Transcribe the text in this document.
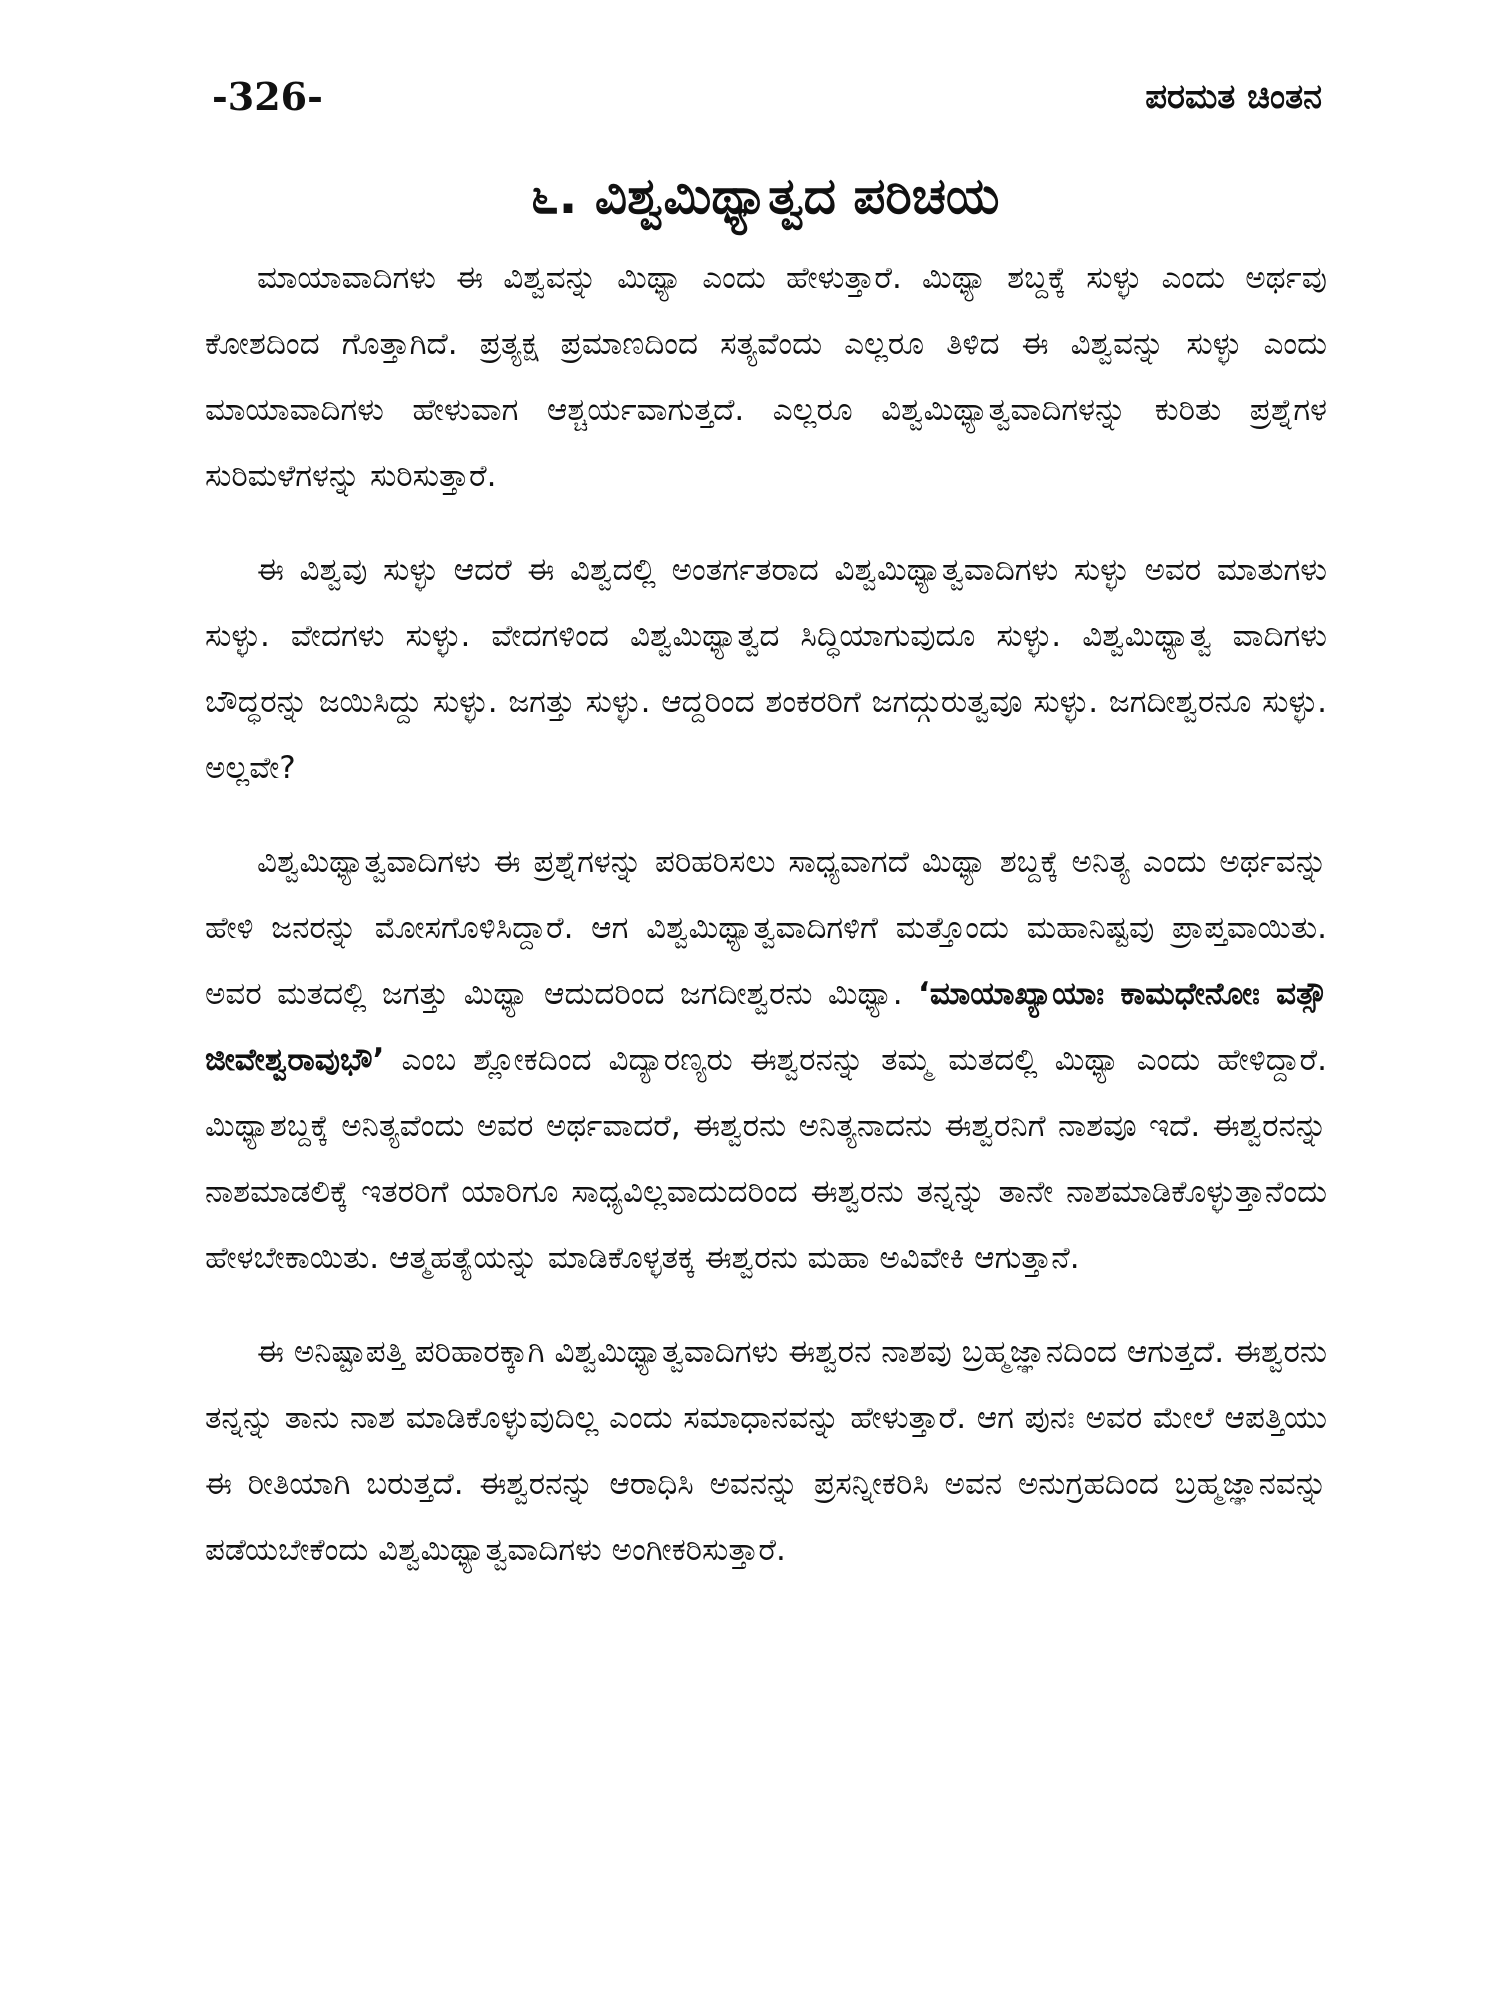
-326-	ಪರಮತ ಚಿಂತನ
೬. ವಿಶ್ವಮಿಥ್ಯಾತ್ವದ ಪರಿಚಯ

ಮಾಯಾವಾದಿಗಳು ಈ ವಿಶ್ವವನ್ನು ಮಿಥ್ಯಾ ಎಂದು ಹೇಳುತ್ತಾರೆ. ಮಿಥ್ಯಾ ಶಬ್ದಕ್ಕೆ ಸುಳ್ಳು ಎಂದು ಅರ್ಥವು ಕೋಶದಿಂದ ಗೊತ್ತಾಗಿದೆ. ಪ್ರತ್ಯಕ್ಷ ಪ್ರಮಾಣದಿಂದ ಸತ್ಯವೆಂದು ಎಲ್ಲರೂ ತಿಳಿದ ಈ ವಿಶ್ವವನ್ನು ಸುಳ್ಳು ಎಂದು ಮಾಯಾವಾದಿಗಳು ಹೇಳುವಾಗ ಆಶ್ಚರ್ಯವಾಗುತ್ತದೆ. ಎಲ್ಲರೂ ವಿಶ್ವಮಿಥ್ಯಾತ್ವವಾದಿಗಳನ್ನು ಕುರಿತು ಪ್ರಶ್ನೆಗಳ ಸುರಿಮಳೆಗಳನ್ನು ಸುರಿಸುತ್ತಾರೆ.

ಈ ವಿಶ್ವವು ಸುಳ್ಳು ಆದರೆ ಈ ವಿಶ್ವದಲ್ಲಿ ಅಂತರ್ಗತರಾದ ವಿಶ್ವಮಿಥ್ಯಾತ್ವವಾದಿಗಳು ಸುಳ್ಳು ಅವರ ಮಾತುಗಳು ಸುಳ್ಳು. ವೇದಗಳು ಸುಳ್ಳು. ವೇದಗಳಿಂದ ವಿಶ್ವಮಿಥ್ಯಾತ್ವದ ಸಿದ್ಧಿಯಾಗುವುದೂ ಸುಳ್ಳು. ವಿಶ್ವಮಿಥ್ಯಾತ್ವ ವಾದಿಗಳು ಬೌದ್ಧರನ್ನು ಜಯಿಸಿದ್ದು ಸುಳ್ಳು. ಜಗತ್ತು ಸುಳ್ಳು. ಆದ್ದರಿಂದ ಶಂಕರರಿಗೆ ಜಗದ್ಗುರುತ್ವವೂ ಸುಳ್ಳು. ಜಗದೀಶ್ವರನೂ ಸುಳ್ಳು. ಅಲ್ಲವೇ?

ವಿಶ್ವಮಿಥ್ಯಾತ್ವವಾದಿಗಳು ಈ ಪ್ರಶ್ನೆಗಳನ್ನು ಪರಿಹರಿಸಲು ಸಾಧ್ಯವಾಗದೆ ಮಿಥ್ಯಾ ಶಬ್ದಕ್ಕೆ ಅನಿತ್ಯ ಎಂದು ಅರ್ಥವನ್ನು ಹೇಳಿ ಜನರನ್ನು ಮೋಸಗೊಳಿಸಿದ್ದಾರೆ. ಆಗ ವಿಶ್ವಮಿಥ್ಯಾತ್ವವಾದಿಗಳಿಗೆ ಮತ್ತೊಂದು ಮಹಾನಿಷ್ಟವು ಪ್ರಾಪ್ತವಾಯಿತು. ಅವರ ಮತದಲ್ಲಿ ಜಗತ್ತು ಮಿಥ್ಯಾ ಆದುದರಿಂದ ಜಗದೀಶ್ವರನು ಮಿಥ್ಯಾ. ‘ಮಾಯಾಖ್ಯಾಯಾಃ ಕಾಮಧೇನೋಃ ವತ್ಸೌ ಜೀವೇಶ್ವರಾವುಭೌ’ ಎಂಬ ಶ್ಲೋಕದಿಂದ ವಿದ್ಯಾರಣ್ಯರು ಈಶ್ವರನನ್ನು ತಮ್ಮ ಮತದಲ್ಲಿ ಮಿಥ್ಯಾ ಎಂದು ಹೇಳಿದ್ದಾರೆ. ಮಿಥ್ಯಾಶಬ್ದಕ್ಕೆ ಅನಿತ್ಯವೆಂದು ಅವರ ಅರ್ಥವಾದರೆ, ಈಶ್ವರನು ಅನಿತ್ಯನಾದನು ಈಶ್ವರನಿಗೆ ನಾಶವೂ ಇದೆ. ಈಶ್ವರನನ್ನು ನಾಶಮಾಡಲಿಕ್ಕೆ ಇತರರಿಗೆ ಯಾರಿಗೂ ಸಾಧ್ಯವಿಲ್ಲವಾದುದರಿಂದ ಈಶ್ವರನು ತನ್ನನ್ನು ತಾನೇ ನಾಶಮಾಡಿಕೊಳ್ಳುತ್ತಾನೆಂದು ಹೇಳಬೇಕಾಯಿತು. ಆತ್ಮಹತ್ಯೆಯನ್ನು ಮಾಡಿಕೊಳ್ಳತಕ್ಕ ಈಶ್ವರನು ಮಹಾ ಅವಿವೇಕಿ ಆಗುತ್ತಾನೆ.

ಈ ಅನಿಷ್ಟಾಪತ್ತಿ ಪರಿಹಾರಕ್ಕಾಗಿ ವಿಶ್ವಮಿಥ್ಯಾತ್ವವಾದಿಗಳು ಈಶ್ವರನ ನಾಶವು ಬ್ರಹ್ಮಜ್ಞಾನದಿಂದ ಆಗುತ್ತದೆ. ಈಶ್ವರನು ತನ್ನನ್ನು ತಾನು ನಾಶ ಮಾಡಿಕೊಳ್ಳುವುದಿಲ್ಲ ಎಂದು ಸಮಾಧಾನವನ್ನು ಹೇಳುತ್ತಾರೆ. ಆಗ ಪುನಃ ಅವರ ಮೇಲೆ ಆಪತ್ತಿಯು ಈ ರೀತಿಯಾಗಿ ಬರುತ್ತದೆ. ಈಶ್ವರನನ್ನು ಆರಾಧಿಸಿ ಅವನನ್ನು ಪ್ರಸನ್ನೀಕರಿಸಿ ಅವನ ಅನುಗ್ರಹದಿಂದ ಬ್ರಹ್ಮಜ್ಞಾನವನ್ನು ಪಡೆಯಬೇಕೆಂದು ವಿಶ್ವಮಿಥ್ಯಾತ್ವವಾದಿಗಳು ಅಂಗೀಕರಿಸುತ್ತಾರೆ.
